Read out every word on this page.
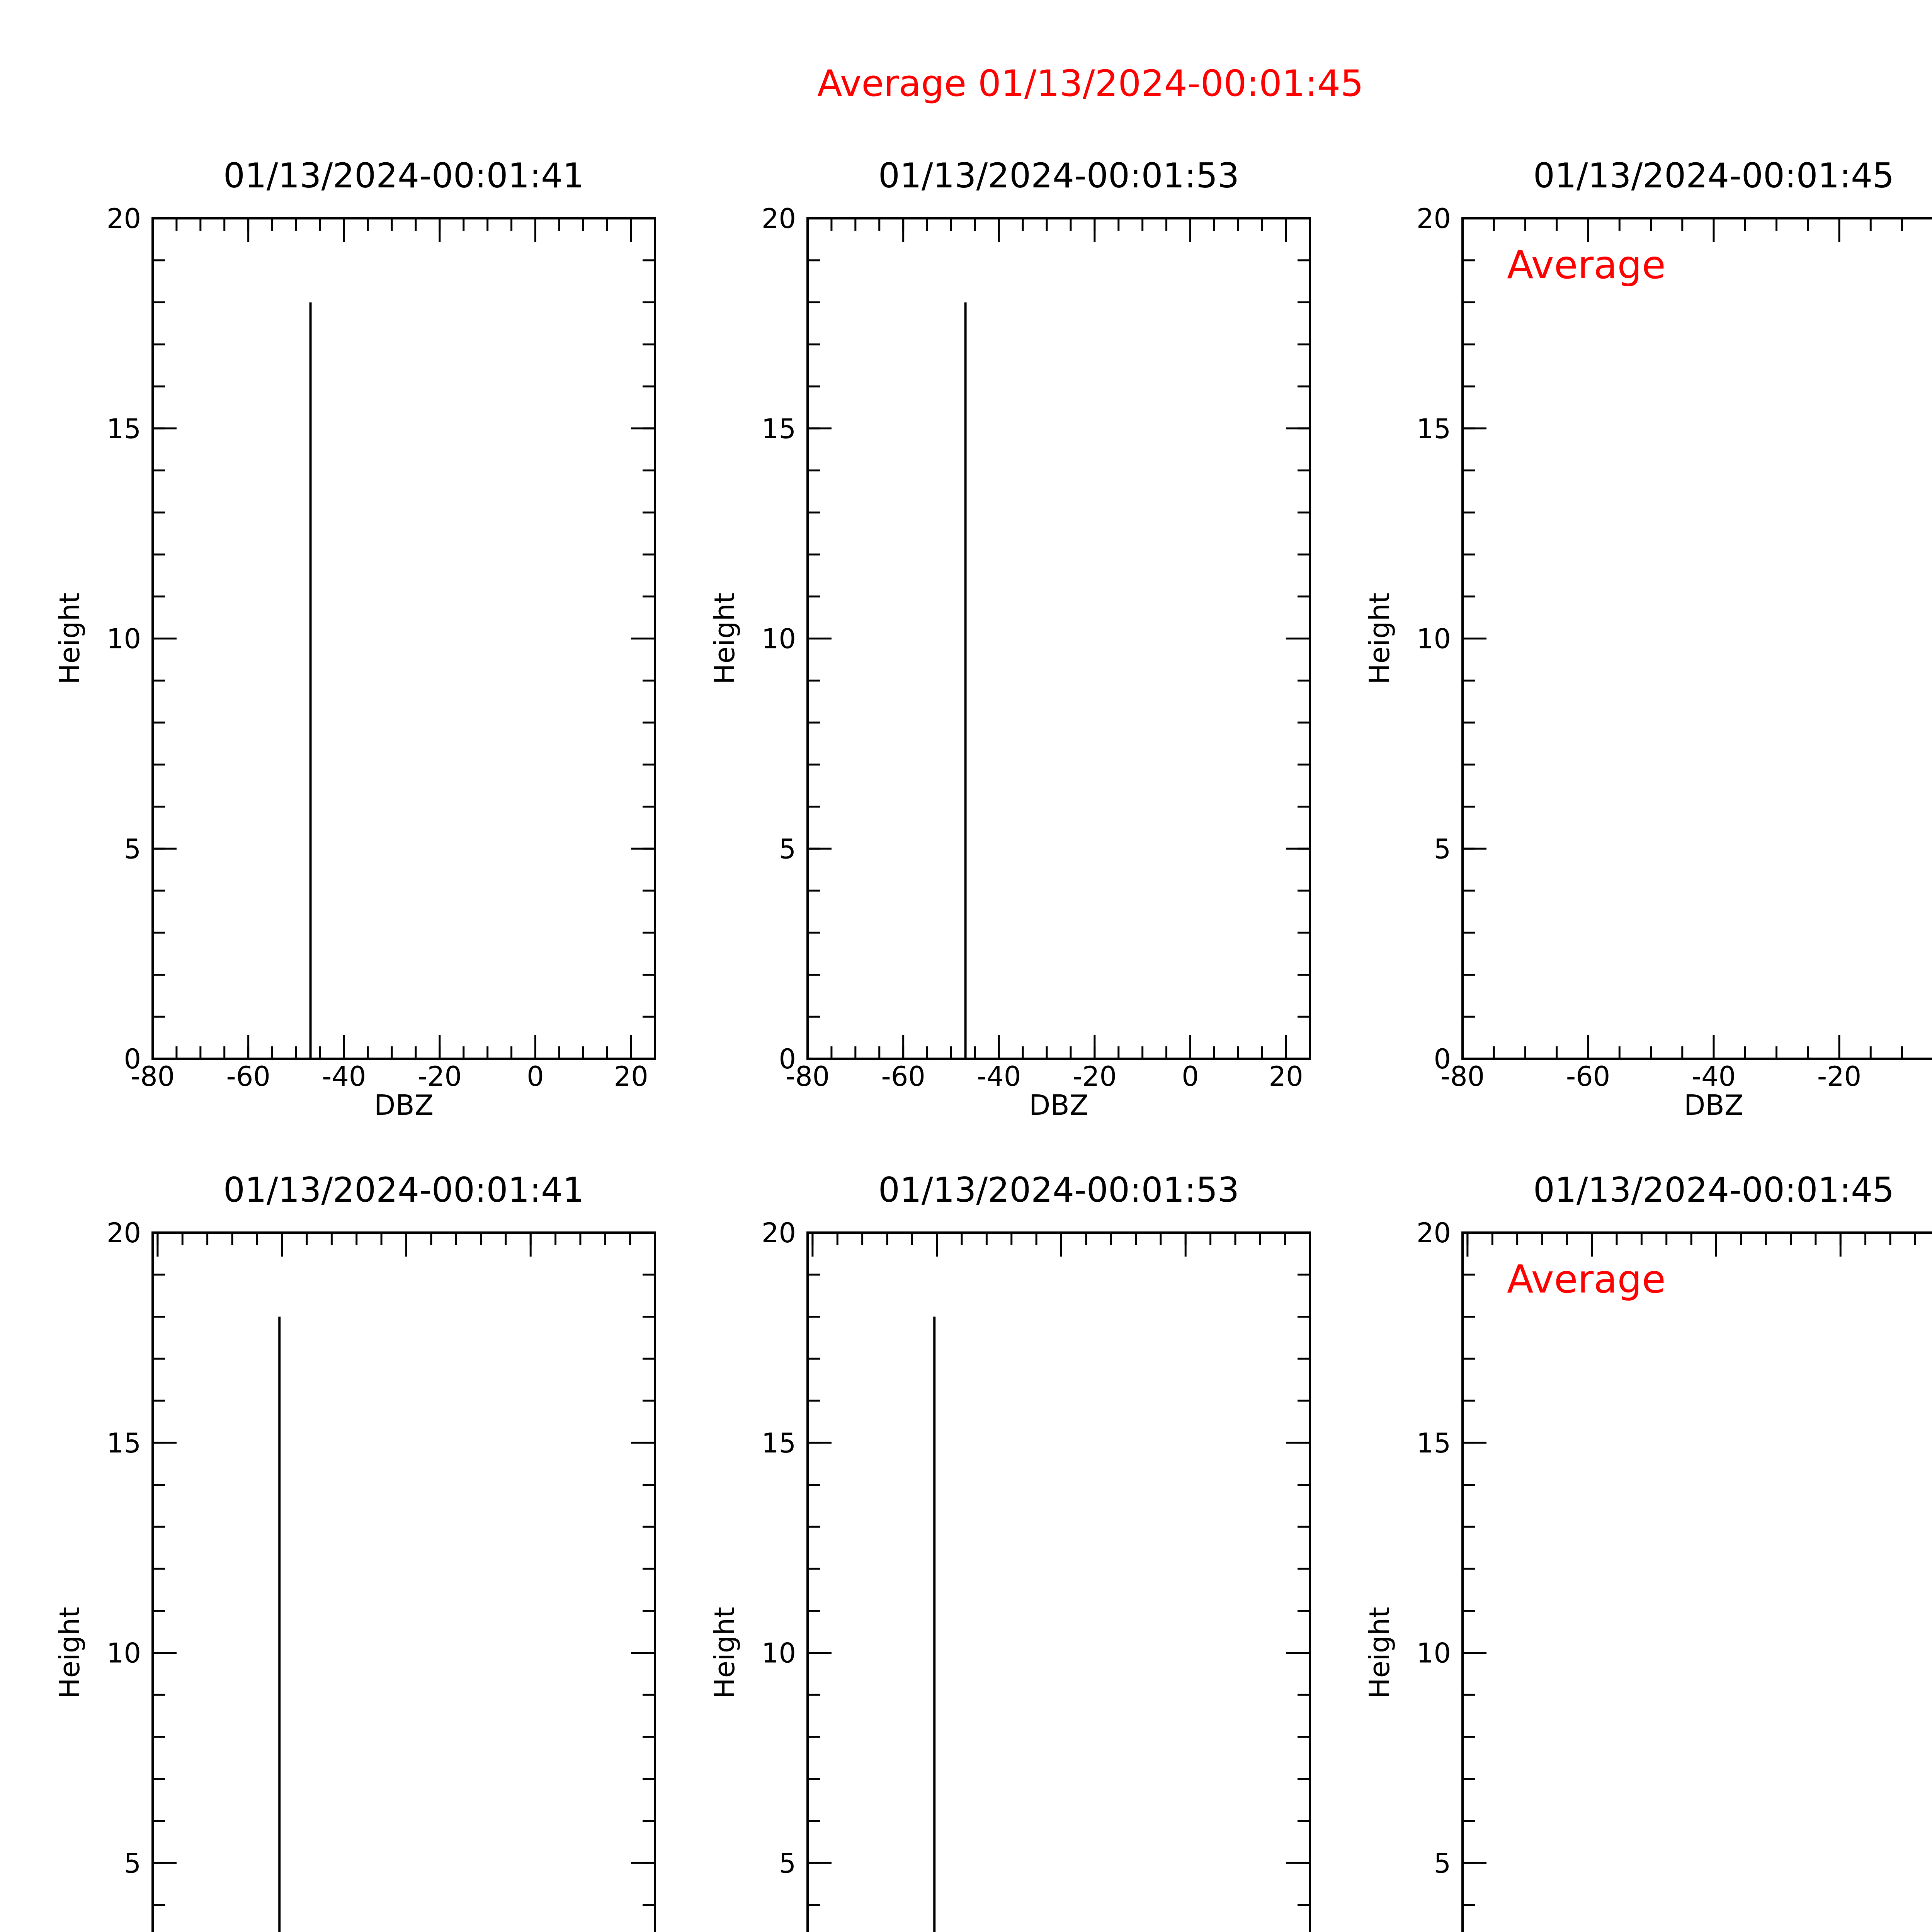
Average 01/13/2024-00:01:45
01/13/2024-00:01:41
-80 -60 -40 -20 0	20
0
5
10
15
20
DBZ
Height
01/13/2024-00:01:53
-80 -60 -40 -20 0	20
0
5
10
15
20
DBZ
Height
01/13/2024-00:01:45
-80	-60	-40	-20
0
5
10
15
20
DBZ
Height
Average
01/13/2024-00:01:41
5
10
15
20
Height
01/13/2024-00:01:53
5
10
15
20
Height
01/13/2024-00:01:45
5
10
15
20
Height
Average
